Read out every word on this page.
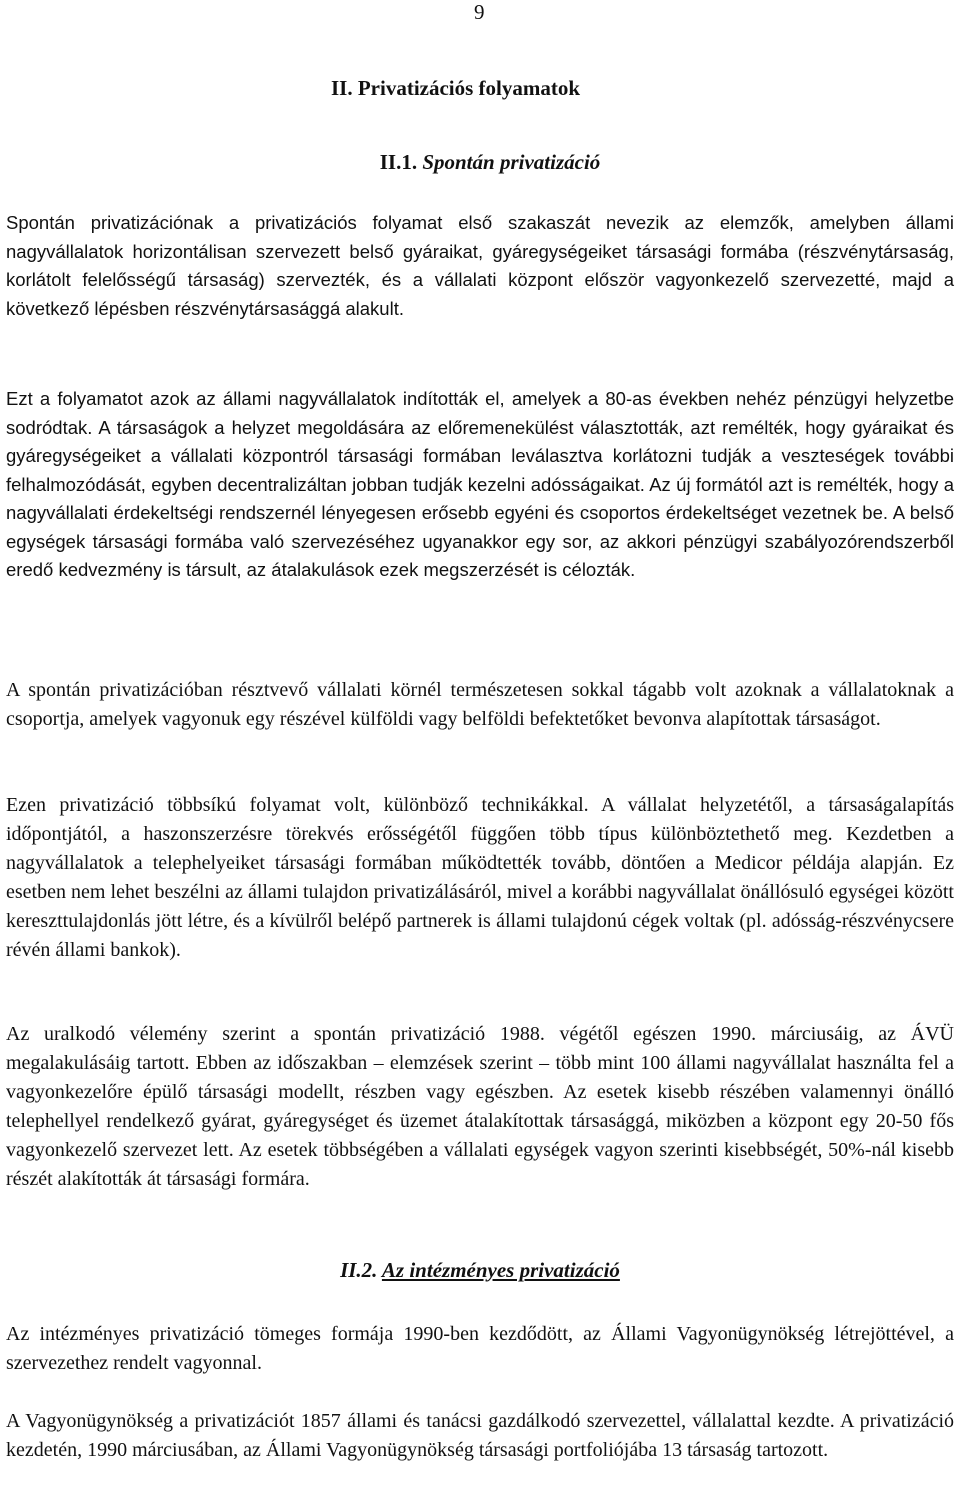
9
II. Privatizációs folyamatok
II.1. Spontán privatizáció

Spontán privatizációnak a privatizációs folyamat első szakaszát nevezik az elemzők, amelyben állami nagyvállalatok horizontálisan szervezett belső gyáraikat, gyáregységeiket társasági formába (részvénytársaság, korlátolt felelősségű társaság) szervezték, és a vállalati központ először vagyonkezelő szervezetté, majd a következő lépésben részvénytársasággá alakult.

Ezt a folyamatot azok az állami nagyvállalatok indították el, amelyek a 80-as években nehéz pénzügyi helyzetbe sodródtak. A társaságok a helyzet megoldására az előremenekülést választották, azt remélték, hogy gyáraikat és gyáregységeiket a vállalati központról társasági formában leválasztva korlátozni tudják a veszteségek további felhalmozódását, egyben decentralizáltan jobban tudják kezelni adósságaikat. Az új formától azt is remélték, hogy a nagyvállalati érdekeltségi rendszernél lényegesen erősebb egyéni és csoportos érdekeltséget vezetnek be. A belső egységek társasági formába való szervezéséhez ugyanakkor egy sor, az akkori pénzügyi szabályozórendszerből eredő kedvezmény is társult, az átalakulások ezek megszerzését is célozták.

A spontán privatizációban résztvevő vállalati körnél természetesen sokkal tágabb volt azoknak a vállalatoknak a csoportja, amelyek vagyonuk egy részével külföldi vagy belföldi befektetőket bevonva alapítottak társaságot.

Ezen privatizáció többsíkú folyamat volt, különböző technikákkal. A vállalat helyzetétől, a társaságalapítás időpontjától, a haszonszerzésre törekvés erősségétől függően több típus különböztethető meg. Kezdetben a nagyvállalatok a telephelyeiket társasági formában működtették tovább, döntően a Medicor példája alapján. Ez esetben nem lehet beszélni az állami tulajdon privatizálásáról, mivel a korábbi nagyvállalat önállósuló egységei között kereszttulajdonlás jött létre, és a kívülről belépő partnerek is állami tulajdonú cégek voltak (pl. adósság-részvénycsere révén állami bankok).

Az uralkodó vélemény szerint a spontán privatizáció 1988. végétől egészen 1990. márciusáig, az ÁVÜ megalakulásáig tartott. Ebben az időszakban – elemzések szerint – több mint 100 állami nagyvállalat használta fel a vagyonkezelőre épülő társasági modellt, részben vagy egészben. Az esetek kisebb részében valamennyi önálló telephellyel rendelkező gyárat, gyáregységet és üzemet átalakítottak társasággá, miközben a központ egy 20-50 fős vagyonkezelő szervezet lett. Az esetek többségében a vállalati egységek vagyon szerinti kisebbségét, 50%-nál kisebb részét alakították át társasági formára.

II.2. Az intézményes privatizáció

Az intézményes privatizáció tömeges formája 1990-ben kezdődött, az Állami Vagyonügynökség létrejöttével, a szervezethez rendelt vagyonnal.

A Vagyonügynökség a privatizációt 1857 állami és tanácsi gazdálkodó szervezettel, vállalattal kezdte. A privatizáció kezdetén, 1990 márciusában, az Állami Vagyonügynökség társasági portfoliójába 13 társaság tartozott.
